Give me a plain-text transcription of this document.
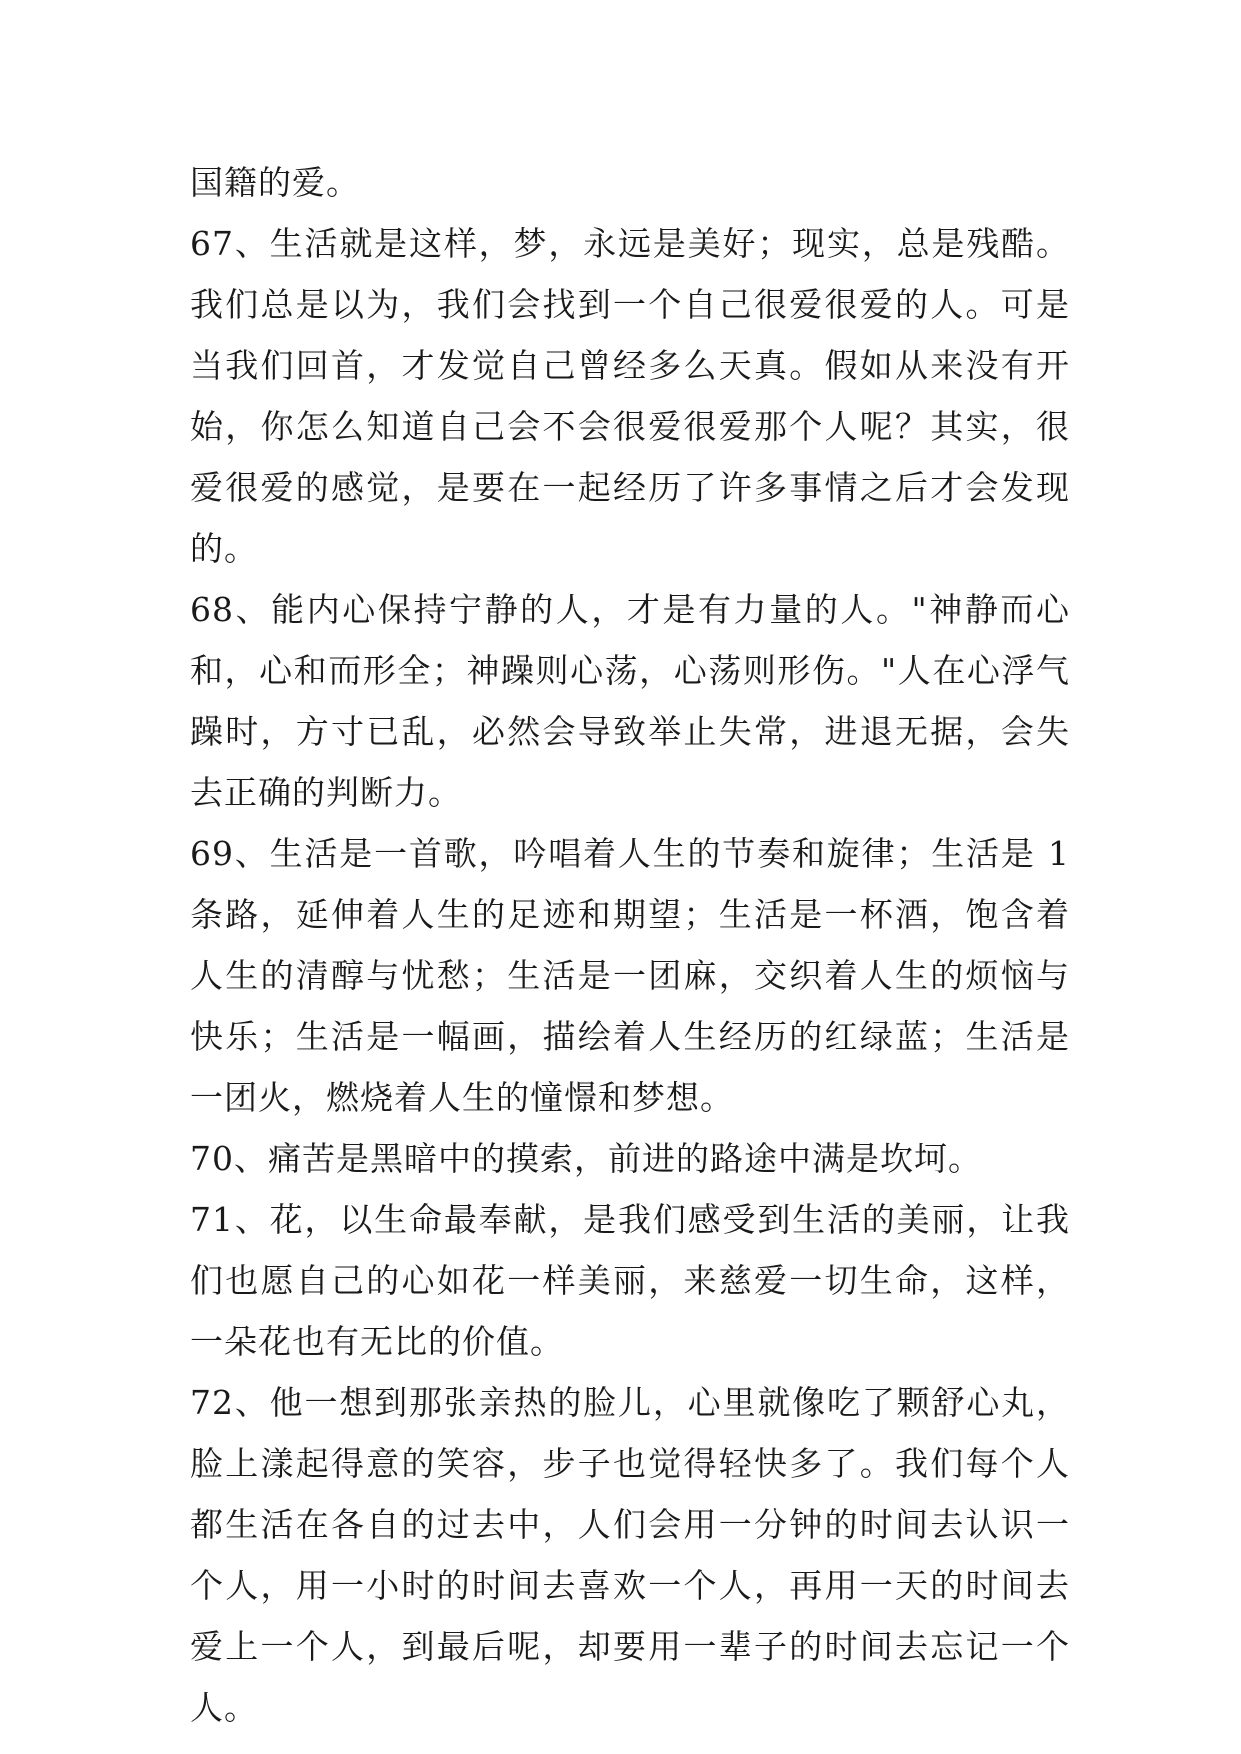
国籍的爱。

67、生活就是这样，梦，永远是美好；现实，总是残酷。我们总是以为，我们会找到一个自己很爱很爱的人。可是当我们回首，才发觉自己曾经多么天真。假如从来没有开始，你怎么知道自己会不会很爱很爱那个人呢？其实，很爱很爱的感觉，是要在一起经历了许多事情之后才会发现的。

68、能内心保持宁静的人，才是有力量的人。"神静而心和，心和而形全；神躁则心荡，心荡则形伤。"人在心浮气躁时，方寸已乱，必然会导致举止失常，进退无据，会失去正确的判断力。

69、生活是一首歌，吟唱着人生的节奏和旋律；生活是 1 条路，延伸着人生的足迹和期望；生活是一杯酒，饱含着人生的清醇与忧愁；生活是一团麻，交织着人生的烦恼与快乐；生活是一幅画，描绘着人生经历的红绿蓝；生活是一团火，燃烧着人生的憧憬和梦想。

70、痛苦是黑暗中的摸索，前进的路途中满是坎坷。

71、花，以生命最奉献，是我们感受到生活的美丽，让我们也愿自己的心如花一样美丽，来慈爱一切生命，这样，一朵花也有无比的价值。

72、他一想到那张亲热的脸儿，心里就像吃了颗舒心丸，脸上漾起得意的笑容，步子也觉得轻快多了。我们每个人都生活在各自的过去中，人们会用一分钟的时间去认识一个人，用一小时的时间去喜欢一个人，再用一天的时间去爱上一个人，到最后呢，却要用一辈子的时间去忘记一个人。
